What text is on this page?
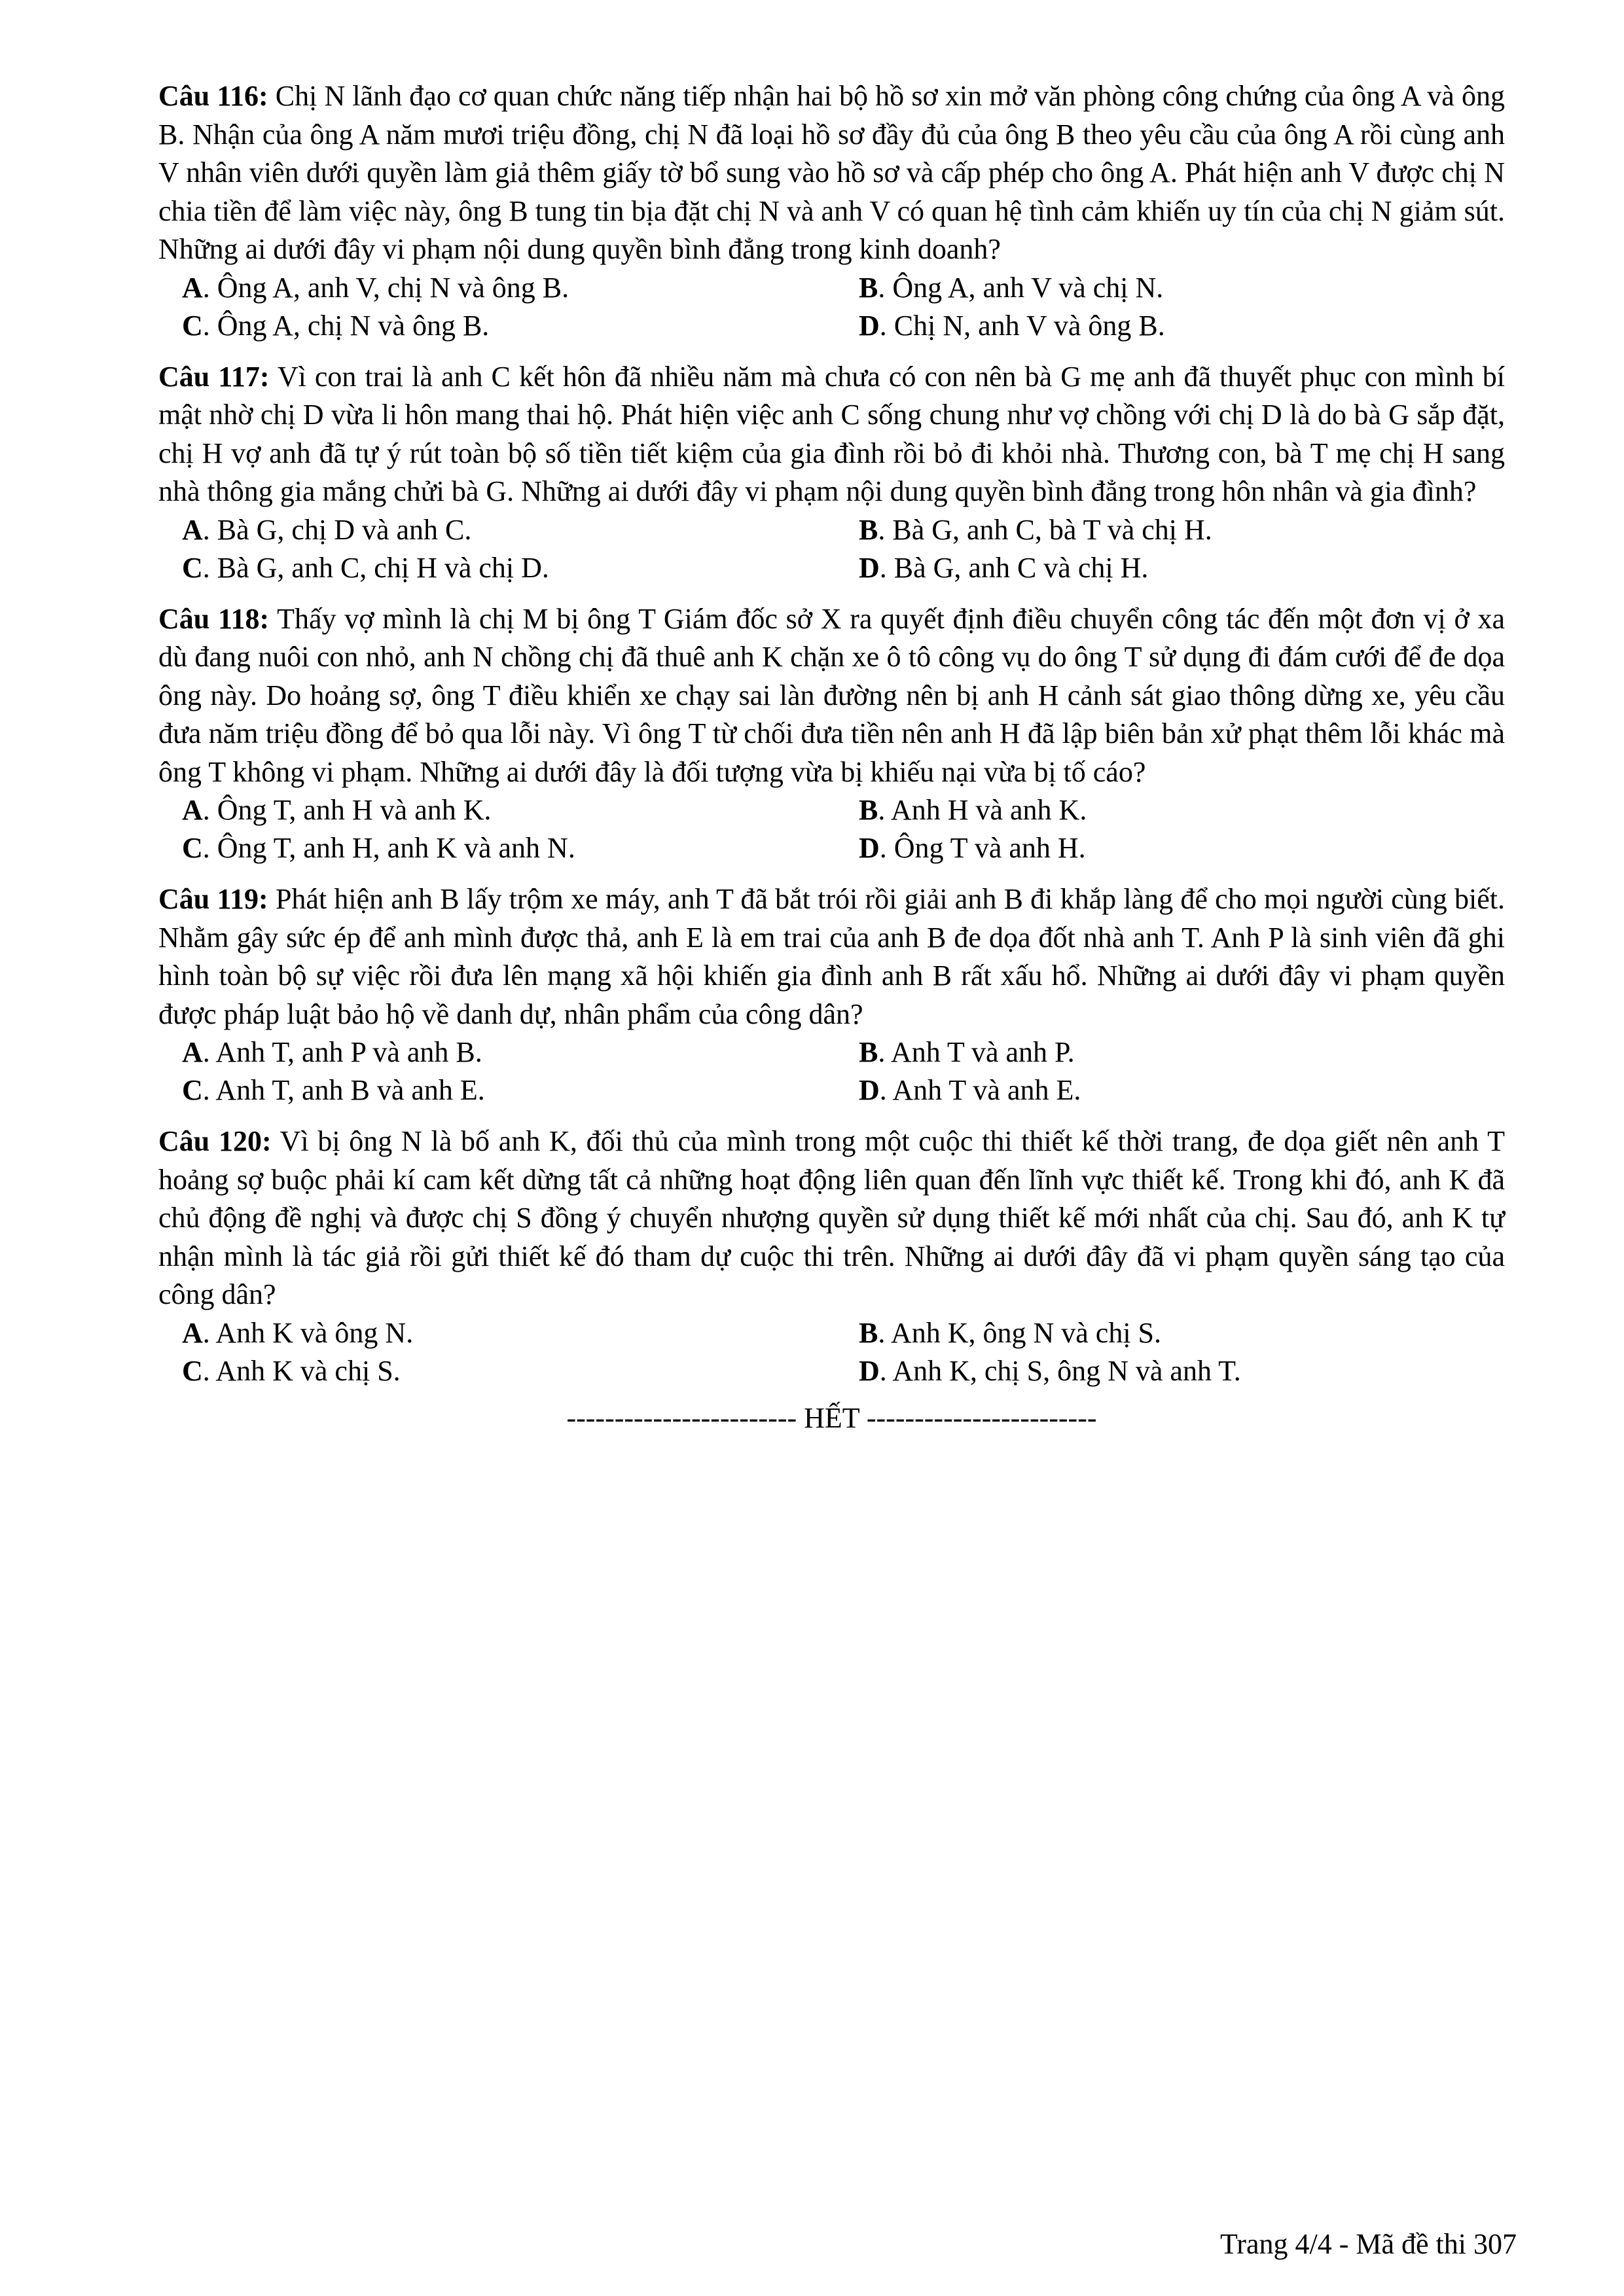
Câu 116: Chị N lãnh đạo cơ quan chức năng tiếp nhận hai bộ hồ sơ xin mở văn phòng công chứng của ông A và ông B. Nhận của ông A năm mươi triệu đồng, chị N đã loại hồ sơ đầy đủ của ông B theo yêu cầu của ông A rồi cùng anh V nhân viên dưới quyền làm giả thêm giấy tờ bổ sung vào hồ sơ và cấp phép cho ông A. Phát hiện anh V được chị N chia tiền để làm việc này, ông B tung tin bịa đặt chị N và anh V có quan hệ tình cảm khiến uy tín của chị N giảm sút. Những ai dưới đây vi phạm nội dung quyền bình đẳng trong kinh doanh?

A. Ông A, anh V, chị N và ông B.	B. Ông A, anh V và chị N.
C. Ông A, chị N và ông B.	D. Chị N, anh V và ông B.

Câu 117: Vì con trai là anh C kết hôn đã nhiều năm mà chưa có con nên bà G mẹ anh đã thuyết phục con mình bí mật nhờ chị D vừa li hôn mang thai hộ. Phát hiện việc anh C sống chung như vợ chồng với chị D là do bà G sắp đặt, chị H vợ anh đã tự ý rút toàn bộ số tiền tiết kiệm của gia đình rồi bỏ đi khỏi nhà. Thương con, bà T mẹ chị H sang nhà thông gia mắng chửi bà G. Những ai dưới đây vi phạm nội dung quyền bình đẳng trong hôn nhân và gia đình?

A. Bà G, chị D và anh C.	B. Bà G, anh C, bà T và chị H.
C. Bà G, anh C, chị H và chị D.	D. Bà G, anh C và chị H.

Câu 118: Thấy vợ mình là chị M bị ông T Giám đốc sở X ra quyết định điều chuyển công tác đến một đơn vị ở xa dù đang nuôi con nhỏ, anh N chồng chị đã thuê anh K chặn xe ô tô công vụ do ông T sử dụng đi đám cưới để đe dọa ông này. Do hoảng sợ, ông T điều khiển xe chạy sai làn đường nên bị anh H cảnh sát giao thông dừng xe, yêu cầu đưa năm triệu đồng để bỏ qua lỗi này. Vì ông T từ chối đưa tiền nên anh H đã lập biên bản xử phạt thêm lỗi khác mà ông T không vi phạm. Những ai dưới đây là đối tượng vừa bị khiếu nại vừa bị tố cáo?

A. Ông T, anh H và anh K.	B. Anh H và anh K.
C. Ông T, anh H, anh K và anh N.	D. Ông T và anh H.

Câu 119: Phát hiện anh B lấy trộm xe máy, anh T đã bắt trói rồi giải anh B đi khắp làng để cho mọi người cùng biết. Nhằm gây sức ép để anh mình được thả, anh E là em trai của anh B đe dọa đốt nhà anh T. Anh P là sinh viên đã ghi hình toàn bộ sự việc rồi đưa lên mạng xã hội khiến gia đình anh B rất xấu hổ. Những ai dưới đây vi phạm quyền được pháp luật bảo hộ về danh dự, nhân phẩm của công dân?

A. Anh T, anh P và anh B.	B. Anh T và anh P.
C. Anh T, anh B và anh E.	D. Anh T và anh E.

Câu 120: Vì bị ông N là bố anh K, đối thủ của mình trong một cuộc thi thiết kế thời trang, đe dọa giết nên anh T hoảng sợ buộc phải kí cam kết dừng tất cả những hoạt động liên quan đến lĩnh vực thiết kế. Trong khi đó, anh K đã chủ động đề nghị và được chị S đồng ý chuyển nhượng quyền sử dụng thiết kế mới nhất của chị. Sau đó, anh K tự nhận mình là tác giả rồi gửi thiết kế đó tham dự cuộc thi trên. Những ai dưới đây đã vi phạm quyền sáng tạo của công dân?

A. Anh K và ông N.	B. Anh K, ông N và chị S.
C. Anh K và chị S.	D. Anh K, chị S, ông N và anh T.
------------------------ HẾT ------------------------
Trang 4/4 - Mã đề thi 307
